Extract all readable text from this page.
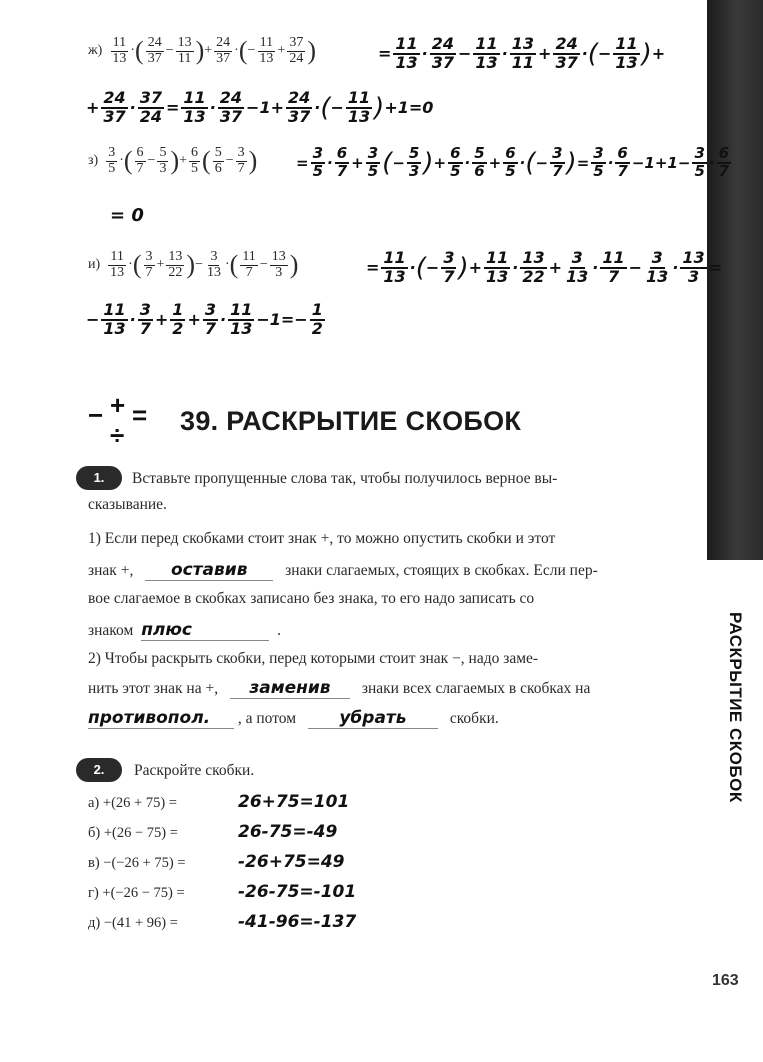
РАСКРЫТИЕ СКОБОК
163
$ж) \frac{11}{13}$ · ( $\frac{24}{37} - \frac{13}{11}$ ) + $\frac{24}{37}$ · ( − $\frac{11}{13} + \frac{37}{24}$ )	= $\frac{11}{13} \cdot \frac{24}{37} - \frac{11}{13} \cdot \frac{13}{11} + \frac{24}{37}$ · ( − $\frac{11}{13}$ ) +
+ $\frac{24}{37} \cdot \frac{37}{24} = \frac{11}{13} \cdot \frac{24}{37} -1+ \frac{24}{37}$ · ( − $\frac{11}{13}$ ) +1=0
$з) \frac{3}{5}$ · ( $\frac{6}{7} - \frac{5}{3}$ ) + $\frac{6}{5}$ ( $\frac{5}{6} - \frac{3}{7}$ )	= $\frac{3}{5} \cdot \frac{6}{7} + \frac{3}{5}$ ( − $\frac{5}{3}$ ) + $\frac{6}{5} \cdot \frac{5}{6} + \frac{6}{5}$ · ( − $\frac{3}{7}$ ) = $\frac{3}{5} \cdot \frac{6}{7} -1+1- \frac{3}{5} \cdot \frac{6}{7}$
= 0
$и) \frac{11}{13}$ · ( $\frac{3}{7} + \frac{13}{22}$ ) − $\frac{3}{13}$ · ( $\frac{11}{7} - \frac{13}{3}$ )	= $\frac{11}{13}$ · ( − $\frac{3}{7}$ ) + $\frac{11}{13} \cdot \frac{13}{22} + \frac{3}{13} \cdot \frac{11}{7} - \frac{3}{13} \cdot \frac{13}{3}$ =
− $\frac{11}{13} \cdot \frac{3}{7} + \frac{1}{2} + \frac{3}{7} \cdot \frac{11}{13} -1=- \frac{1}{2}$
− + =
÷ 39. РАСКРЫТИЕ СКОБОК
1.	Вставьте пропущенные слова так, чтобы получилось верное вы-
сказывание.
1) Если перед скобками стоит знак +, то можно опустить скобки и этот
знак +, оставив знаки слагаемых, стоящих в скобках. Если пер-
вое слагаемое в скобках записано без знака, то его надо записать со
знаком плюс	.
2) Чтобы раскрыть скобки, перед которыми стоит знак −, надо заме-
нить этот знак на +, заменив знаки всех слагаемых в скобках на
противопол. , а потом	убрать	скобки.
2.	Раскройте скобки.
а) +(26 + 75) =	26+75=101
б) +(26 − 75) =	26-75=-49
в) −(−26 + 75) =	-26+75=49
г) +(−26 − 75) =	-26-75=-101
д) −(41 + 96) =	-41-96=-137
